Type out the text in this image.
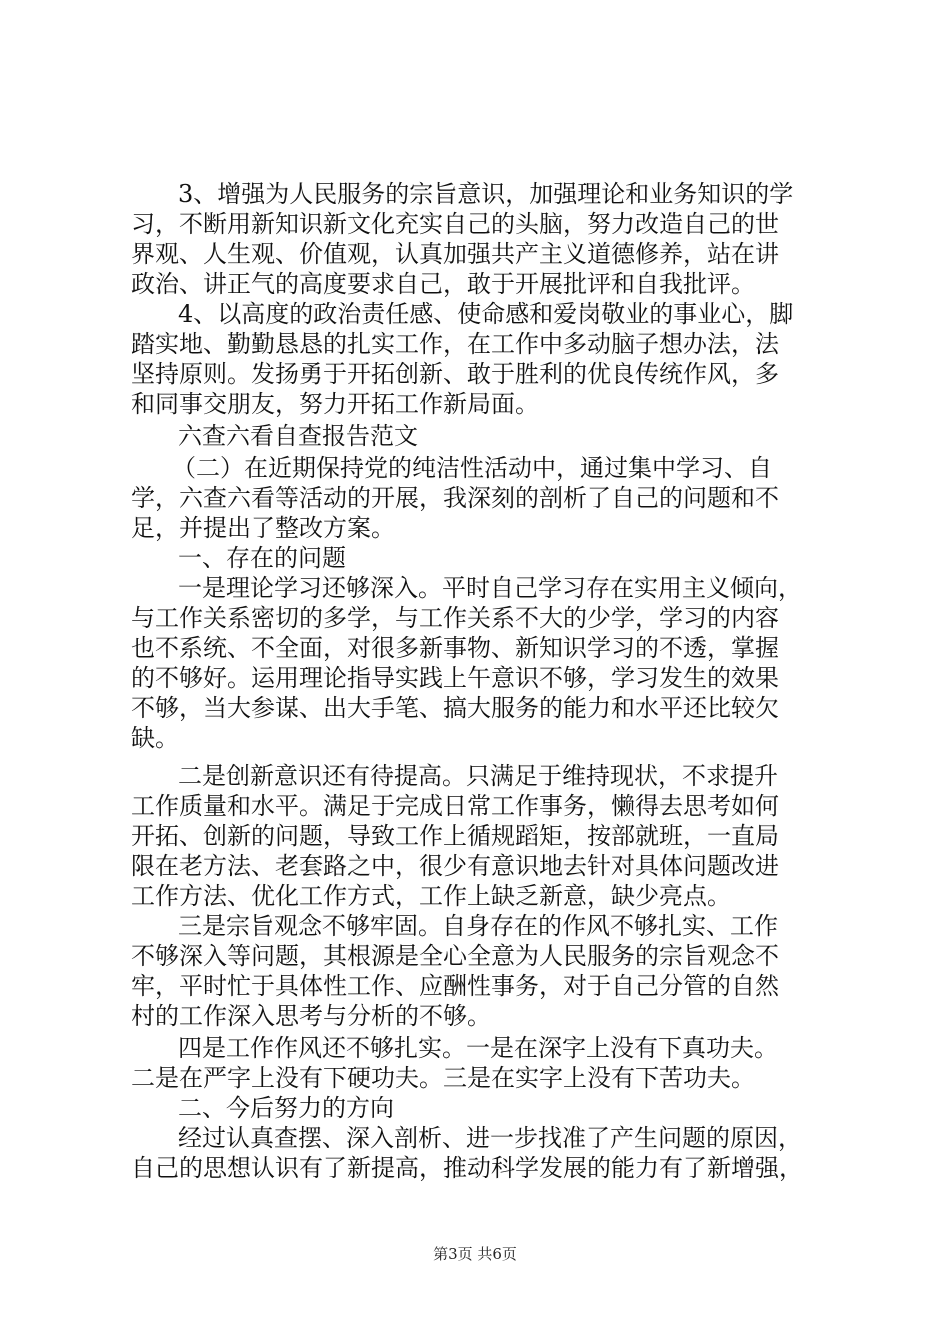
3、增强为人民服务的宗旨意识，加强理论和业务知识的学
习，不断用新知识新文化充实自己的头脑，努力改造自己的世
界观、人生观、价值观，认真加强共产主义道德修养，站在讲
政治、讲正气的高度要求自己，敢于开展批评和自我批评。
4、以高度的政治责任感、使命感和爱岗敬业的事业心，脚
踏实地、勤勤恳恳的扎实工作，在工作中多动脑子想办法，法
坚持原则。发扬勇于开拓创新、敢于胜利的优良传统作风，多
和同事交朋友，努力开拓工作新局面。
六查六看自查报告范文
（二）在近期保持党的纯洁性活动中，通过集中学习、自
学，六查六看等活动的开展，我深刻的剖析了自己的问题和不
足，并提出了整改方案。
一、存在的问题
一是理论学习还够深入。平时自己学习存在实用主义倾向，
与工作关系密切的多学，与工作关系不大的少学，学习的内容
也不系统、不全面，对很多新事物、新知识学习的不透，掌握
的不够好。运用理论指导实践上午意识不够，学习发生的效果
不够，当大参谋、出大手笔、搞大服务的能力和水平还比较欠
缺。
二是创新意识还有待提高。只满足于维持现状，不求提升
工作质量和水平。满足于完成日常工作事务，懒得去思考如何
开拓、创新的问题，导致工作上循规蹈矩，按部就班，一直局
限在老方法、老套路之中，很少有意识地去针对具体问题改进
工作方法、优化工作方式，工作上缺乏新意，缺少亮点。
三是宗旨观念不够牢固。自身存在的作风不够扎实、工作
不够深入等问题，其根源是全心全意为人民服务的宗旨观念不
牢，平时忙于具体性工作、应酬性事务，对于自己分管的自然
村的工作深入思考与分析的不够。
四是工作作风还不够扎实。一是在深字上没有下真功夫。
二是在严字上没有下硬功夫。三是在实字上没有下苦功夫。
二、今后努力的方向
经过认真查摆、深入剖析、进一步找准了产生问题的原因，
自己的思想认识有了新提高，推动科学发展的能力有了新增强，
第3页 共6页
